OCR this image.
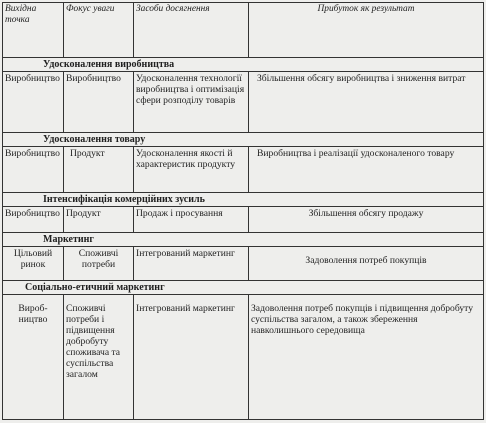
Вихідна точка	Фокус уваги	Засоби досягнення	Прибуток як результат
Удосконалення виробництва			
Виробництво	Виробництво	Удосконалення технології виробництва і оптимізація сфери розподілу товарів	Збільшення обсягу виробництва і зниження витрат
Удосконалення товару			
Виробництво	Продукт	Удосконалення якості й характеристик продукту	Виробництва і реалізації удосконаленого товару
Інтенсифікація комерційних зусиль			
Виробництво	Продукт	Продаж і просування	Збільшення обсягу продажу
Маркетинг			
Цільовий ринок	Споживчі потреби	Інтегрований маркетинг	Задоволення потреб покупців
Соціально-етичний маркетинг			
Вироб-ництво	Споживчі потреби і підвищення добробуту споживача та суспільства загалом	Інтегрований маркетинг	Задоволення потреб покупців і підвищення добробуту суспільства загалом, а також збереження навколишнього середовища
